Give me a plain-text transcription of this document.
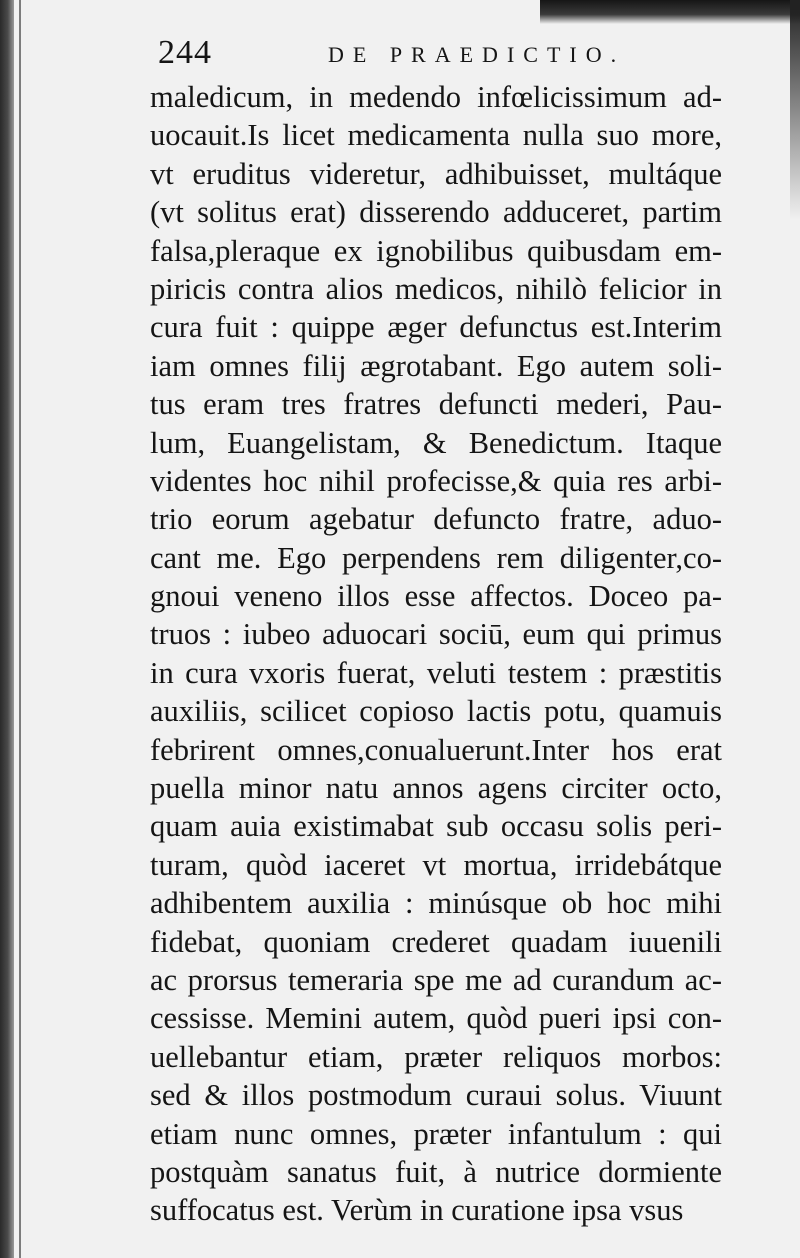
244	DE PRAEDICTIO.
maledicum, in medendo infœlicissimum ad-
uocauit.Is licet medicamenta nulla suo more,
vt eruditus videretur, adhibuisset, multáque
(vt solitus erat) disserendo adduceret, partim
falsa,pleraque ex ignobilibus quibusdam em-
piricis contra alios medicos, nihilò felicior in
cura fuit : quippe æger defunctus est.Interim
iam omnes filij ægrotabant. Ego autem soli-
tus eram tres fratres defuncti mederi, Pau-
lum, Euangelistam, & Benedictum. Itaque
videntes hoc nihil profecisse,& quia res arbi-
trio eorum agebatur defuncto fratre, aduo-
cant me. Ego perpendens rem diligenter,co-
gnoui veneno illos esse affectos. Doceo pa-
truos : iubeo aduocari sociū, eum qui primus
in cura vxoris fuerat, veluti testem : præstitis
auxiliis, scilicet copioso lactis potu, quamuis
febrirent omnes,conualuerunt.Inter hos erat
puella minor natu annos agens circiter octo,
quam auia existimabat sub occasu solis peri-
turam, quòd iaceret vt mortua, irridebátque
adhibentem auxilia : minúsque ob hoc mihi
fidebat, quoniam crederet quadam iuuenili
ac prorsus temeraria spe me ad curandum ac-
cessisse. Memini autem, quòd pueri ipsi con-
uellebantur etiam, præter reliquos morbos:
sed & illos postmodum curaui solus. Viuunt
etiam nunc omnes, præter infantulum : qui
postquàm sanatus fuit, à nutrice dormiente
suffocatus est. Verùm in curatione ipsa vsus
